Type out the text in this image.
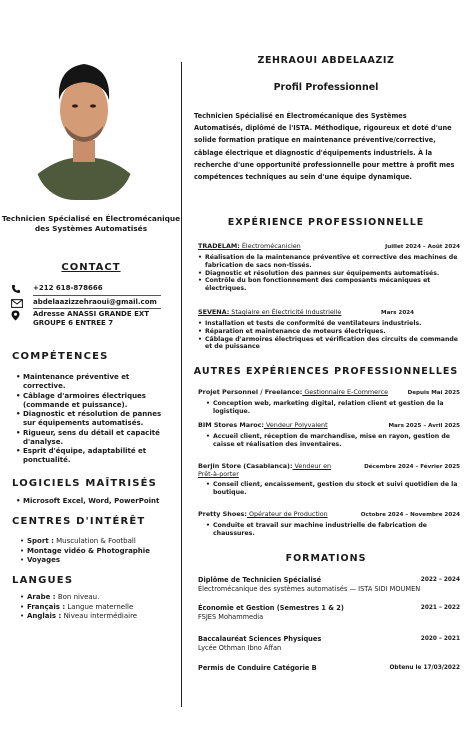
Technicien Spécialisé en Électromécanique des Systèmes Automatisés
CONTACT
+212 618-878666
abdelaazizzehraoui@gmail.com
Adresse ANASSI GRANDE EXT GROUPE 6 ENTREE 7
COMPÉTENCES
• Maintenance préventive et corrective.
• Câblage d'armoires électriques (commande et puissance).
• Diagnostic et résolution de pannes sur équipements automatisés.
• Rigueur, sens du détail et capacité d'analyse.
• Esprit d'équipe, adaptabilité et ponctualité.
LOGICIELS MAÎTRISÉS
• Microsoft Excel, Word, PowerPoint
CENTRES D'INTÉRÊT
• Sport : Musculation & Football
• Montage vidéo & Photographie
• Voyages
LANGUES
• Arabe : Bon niveau.
• Français : Langue maternelle
• Anglais : Niveau intermédiaire
ZEHRAOUI ABDELAAZIZ
Profil Professionnel
Technicien Spécialisé en Électromécanique des Systèmes Automatisés, diplômé de l'ISTA. Méthodique, rigoureux et doté d'une solide formation pratique en maintenance préventive/corrective, câblage électrique et diagnostic d'équipements industriels. À la recherche d'une opportunité professionnelle pour mettre à profit mes compétences techniques au sein d'une équipe dynamique.
EXPÉRIENCE PROFESSIONNELLE
TRADELAM: Électromécanicien	Juillet 2024 – Août 2024
• Réalisation de la maintenance préventive et corrective des machines de fabrication de sacs non-tissés.
• Diagnostic et résolution des pannes sur équipements automatisés.
• Contrôle du bon fonctionnement des composants mécaniques et électriques.
SEVENA: Stagiaire en Électricité Industrielle	Mars 2024
• Installation et tests de conformité de ventilateurs industriels.
• Réparation et maintenance de moteurs électriques.
• Câblage d'armoires électriques et vérification des circuits de commande et de puissance
AUTRES EXPÉRIENCES PROFESSIONNELLES
Projet Personnel / Freelance: Gestionnaire E-Commerce	Depuis Mai 2025
• Conception web, marketing digital, relation client et gestion de la logistique.
BIM Stores Maroc: Vendeur Polyvalent	Mars 2025 – Avril 2025
• Accueil client, réception de marchandise, mise en rayon, gestion de caisse et réalisation des inventaires.
Berjin Store (Casablanca): Vendeur en Prêt-à-porter
Décembre 2024 – Février 2025
• Conseil client, encaissement, gestion du stock et suivi quotidien de la boutique.
Pretty Shoes: Opérateur de Production	Octobre 2024 – Novembre 2024
• Conduite et travail sur machine industrielle de fabrication de chaussures.
FORMATIONS
Diplôme de Technicien Spécialisé	2022 – 2024
Électromécanique des systèmes automatisés — ISTA SIDI MOUMEN
Économie et Gestion (Semestres 1 & 2)	2021 – 2022
FSJES Mohammedia
Baccalauréat Sciences Physiques	2020 – 2021
Lycée Othman Ibno Affan
Permis de Conduire Catégorie B	Obtenu le 17/03/2022
